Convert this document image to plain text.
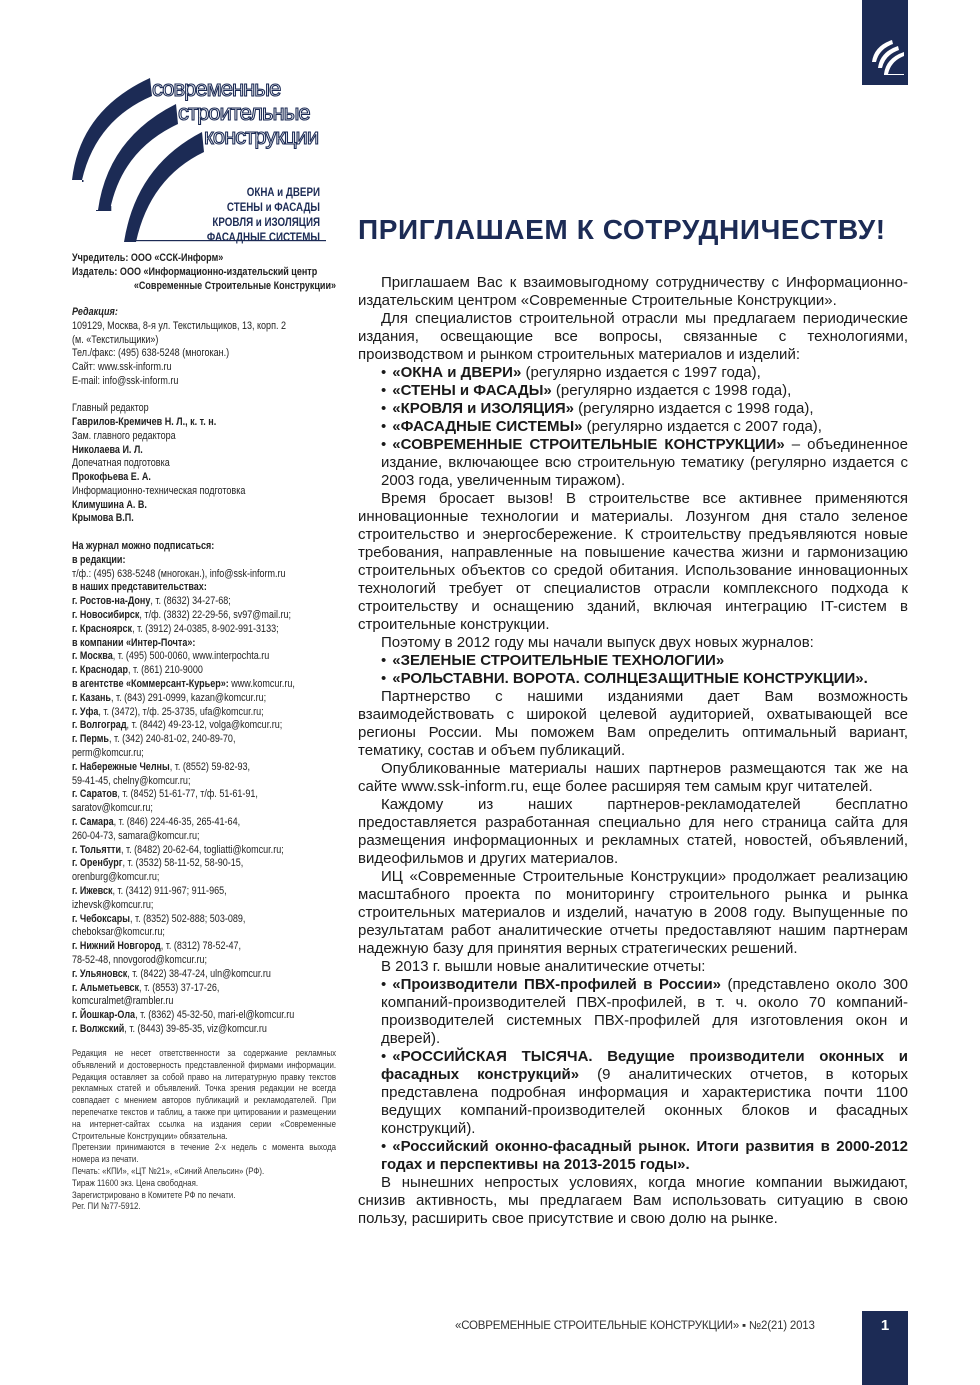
современные
строительные
конструкции
ОКНА и ДВЕРИ
СТЕНЫ и ФАСАДЫ
КРОВЛЯ и ИЗОЛЯЦИЯ
ФАСАДНЫЕ СИСТЕМЫ
Учредитель: ООО «ССК-Информ»
Издатель: ООО «Информационно-издательский центр
«Современные Строительные Конструкции»
Редакция:
109129, Москва, 8-я ул. Текстильщиков, 13, корп. 2
(м. «Текстильщики»)
Тел./факс: (495) 638-5248 (многокан.)
Сайт: www.ssk-inform.ru
E-mail: info@ssk-inform.ru

Главный редактор
Гаврилов-Кремичев Н. Л., к. т. н.
Зам. главного редактора
Николаева И. Л.
Допечатная подготовка
Прокофьева Е. А.
Информационно-техническая подготовка
Климушина А. В.
Крымова В.П.
На журнал можно подписаться:
в редакции:
т/ф.: (495) 638-5248 (многокан.), info@ssk-inform.ru
в наших представительствах:
г. Ростов-на-Дону, т. (8632) 34-27-68;
г. Новосибирск, т/ф. (3832) 22-29-56, sv97@mail.ru;
г. Красноярск, т. (3912) 24-0385, 8-902-991-3133;
в компании «Интер-Почта»:
г. Москва, т. (495) 500-0060, www.interpochta.ru
г. Краснодар, т. (861) 210-9000
в агентстве «Коммерсант-Курьер»: www.komcur.ru,
г. Казань, т. (843) 291-0999, kazan@komcur.ru;
г. Уфа, т. (3472), т/ф. 25-3735, ufa@komcur.ru;
г. Волгоград, т. (8442) 49-23-12, volga@komcur.ru;
г. Пермь, т. (342) 240-81-02, 240-89-70,
perm@komcur.ru;
г. Набережные Челны, т. (8552) 59-82-93,
59-41-45, chelny@komcur.ru;
г. Саратов, т. (8452) 51-61-77, т/ф. 51-61-91,
saratov@komcur.ru;
г. Самара, т. (846) 224-46-35, 265-41-64,
260-04-73, samara@komcur.ru;
г. Тольятти, т. (8482) 20-62-64, togliatti@komcur.ru;
г. Оренбург, т. (3532) 58-11-52, 58-90-15,
orenburg@komcur.ru;
г. Ижевск, т. (3412) 911-967; 911-965,
izhevsk@komcur.ru;
г. Чебоксары, т. (8352) 502-888; 503-089,
cheboksar@komcur.ru;
г. Нижний Новгород, т. (8312) 78-52-47,
78-52-48, nnovgorod@komcur.ru;
г. Ульяновск, т. (8422) 38-47-24, uln@komcur.ru
г. Альметьевск, т. (8553) 37-17-26,
komcuralmet@rambler.ru
г. Йошкар-Ола, т. (8362) 45-32-50, mari-el@komcur.ru
г. Волжский, т. (8443) 39-85-35, viz@komcur.ru
Редакция не несет ответственности за содержание рекламных объявлений и достоверность представленной фирмами информации. Редакция оставляет за собой право на литературную правку текстов рекламных статей и объявлений. Точка зрения редакции не всегда совпадает с мнением авторов публикаций и рекламодателей. При перепечатке текстов и таблиц, а также при цитировании и размещении на интернет-сайтах ссылка на издания серии «Современные Строительные Конструкции» обязательна.
Претензии принимаются в течение 2-х недель с момента выхода номера из печати.
Печать: «КПИ», «ЦТ №21», «Синий Апельсин» (РФ).
Тираж 11600 экз. Цена свободная.
Зарегистрировано в Комитете РФ по печати.
Рег. ПИ №77-5912.
ПРИГЛАШАЕМ К СОТРУДНИЧЕСТВУ!

Приглашаем Вас к взаимовыгодному сотрудничеству с Информационно-издательским центром «Современные Строительные Конструкции».

Для специалистов строительной отрасли мы предлагаем периодические издания, освещающие все вопросы, связанные с технологиями, производством и рынком строительных материалов и изделий:

• «ОКНА и ДВЕРИ» (регулярно издается с 1997 года),
• «СТЕНЫ и ФАСАДЫ» (регулярно издается с 1998 года),
• «КРОВЛЯ и ИЗОЛЯЦИЯ» (регулярно издается с 1998 года),
• «ФАСАДНЫЕ СИСТЕМЫ» (регулярно издается с 2007 года),
• «СОВРЕМЕННЫЕ СТРОИТЕЛЬНЫЕ КОНСТРУКЦИИ» – объединенное издание, включающее всю строительную тематику (регулярно издается с 2003 года, увеличенным тиражом).

Время бросает вызов! В строительстве все активнее применяются инновационные технологии и материалы. Лозунгом дня стало зеленое строительство и энергосбережение. К строительству предъявляются новые требования, направленные на повышение качества жизни и гармонизацию строительных объектов со средой обитания. Использование инновационных технологий требует от специалистов отрасли комплексного подхода к строительству и оснащению зданий, включая интеграцию IT-систем в строительные конструкции.

Поэтому в 2012 году мы начали выпуск двух новых журналов:

• «ЗЕЛЕНЫЕ СТРОИТЕЛЬНЫЕ ТЕХНОЛОГИИ»
• «РОЛЬСТАВНИ. ВОРОТА. СОЛНЦЕЗАЩИТНЫЕ КОНСТРУКЦИИ».

Партнерство с нашими изданиями дает Вам возможность взаимодействовать с широкой целевой аудиторией, охватывающей все регионы России. Мы поможем Вам определить оптимальный вариант, тематику, состав и объем публикаций.

Опубликованные материалы наших партнеров размещаются так же на сайте www.ssk-inform.ru, еще более расширяя тем самым круг читателей.

Каждому из наших партнеров-рекламодателей бесплатно предоставляется разработанная специально для него страница сайта для размещения информационных и рекламных статей, новостей, объявлений, видеофильмов и других материалов.

ИЦ «Современные Строительные Конструкции» продолжает реализацию масштабного проекта по мониторингу строительного рынка и рынка строительных материалов и изделий, начатую в 2008 году. Выпущенные по результатам работ аналитические отчеты предоставляют нашим партнерам надежную базу для принятия верных стратегических решений.

В 2013 г. вышли новые аналитические отчеты:

• «Производители ПВХ-профилей в России» (представлено около 300 компаний-производителей ПВХ-профилей, в т. ч. около 70 компаний-производителей системных ПВХ-профилей для изготовления окон и дверей).
• «РОССИЙСКАЯ ТЫСЯЧА. Ведущие производители оконных и фасадных конструкций» (9 аналитических отчетов, в которых представлена подробная информация и характеристика почти 1100 ведущих компаний-производителей оконных блоков и фасадных конструкций).
• «Российский оконно-фасадный рынок. Итоги развития в 2000-2012 годах и перспективы на 2013-2015 годы».

В нынешних непростых условиях, когда многие компании выжидают, снизив активность, мы предлагаем Вам использовать ситуацию в свою пользу, расширить свое присутствие и свою долю на рынке.

«СОВРЕМЕННЫЕ СТРОИТЕЛЬНЫЕ КОНСТРУКЦИИ» ▪ №2(21) 2013	1
